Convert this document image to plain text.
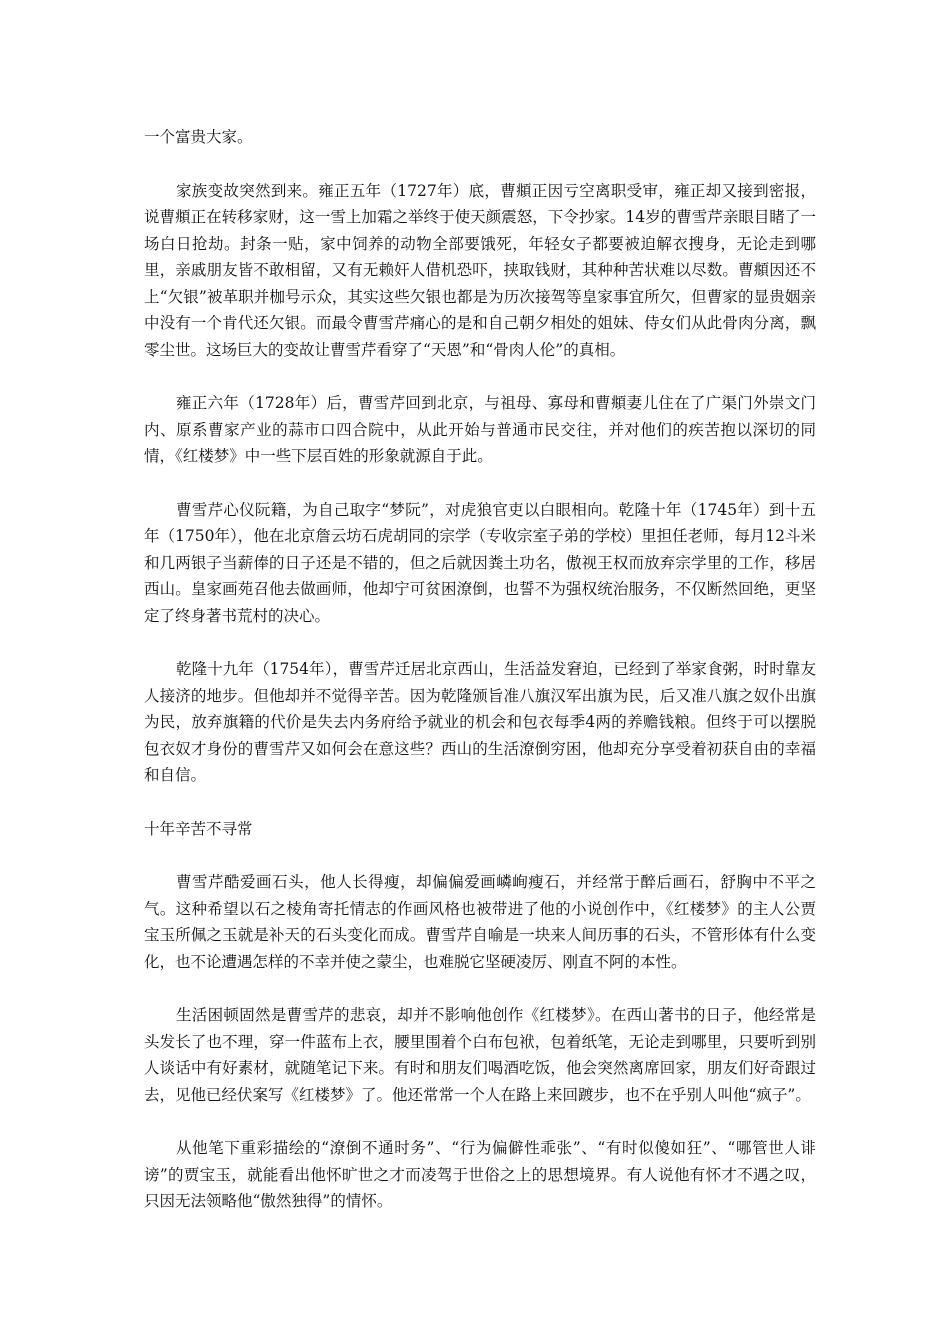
一个富贵大家。

家族变故突然到来。雍正五年（1727年）底，曹頫正因亏空离职受审，雍正却又接到密报，说曹頫正在转移家财，这一雪上加霜之举终于使天颜震怒，下令抄家。14岁的曹雪芹亲眼目睹了一场白日抢劫。封条一贴，家中饲养的动物全部要饿死，年轻女子都要被迫解衣搜身，无论走到哪里，亲戚朋友皆不敢相留，又有无赖奸人借机恐吓，挟取钱财，其种种苦状难以尽数。曹頫因还不上“欠银”被革职并枷号示众，其实这些欠银也都是为历次接驾等皇家事宜所欠，但曹家的显贵姻亲中没有一个肯代还欠银。而最令曹雪芹痛心的是和自己朝夕相处的姐妹、侍女们从此骨肉分离，飘零尘世。这场巨大的变故让曹雪芹看穿了“天恩”和“骨肉人伦”的真相。

雍正六年（1728年）后，曹雪芹回到北京，与祖母、寡母和曹頫妻儿住在了广渠门外崇文门内、原系曹家产业的蒜市口四合院中，从此开始与普通市民交往，并对他们的疾苦抱以深切的同情，《红楼梦》中一些下层百姓的形象就源自于此。

曹雪芹心仪阮籍，为自己取字“梦阮”，对虎狼官吏以白眼相向。乾隆十年（1745年）到十五年（1750年），他在北京詹云坊石虎胡同的宗学（专收宗室子弟的学校）里担任老师，每月12斗米和几两银子当薪俸的日子还是不错的，但之后就因粪土功名，傲视王权而放弃宗学里的工作，移居西山。皇家画苑召他去做画师，他却宁可贫困潦倒，也誓不为强权统治服务，不仅断然回绝，更坚定了终身著书荒村的决心。

乾隆十九年（1754年），曹雪芹迁居北京西山，生活益发窘迫，已经到了举家食粥，时时靠友人接济的地步。但他却并不觉得辛苦。因为乾隆颁旨准八旗汉军出旗为民，后又准八旗之奴仆出旗为民，放弃旗籍的代价是失去内务府给予就业的机会和包衣每季4两的养赡钱粮。但终于可以摆脱包衣奴才身份的曹雪芹又如何会在意这些？西山的生活潦倒穷困，他却充分享受着初获自由的幸福和自信。

十年辛苦不寻常

曹雪芹酷爱画石头，他人长得瘦，却偏偏爱画嶙峋瘦石，并经常于醉后画石，舒胸中不平之气。这种希望以石之棱角寄托情志的作画风格也被带进了他的小说创作中，《红楼梦》的主人公贾宝玉所佩之玉就是补天的石头变化而成。曹雪芹自喻是一块来人间历事的石头，不管形体有什么变化，也不论遭遇怎样的不幸并使之蒙尘，也难脱它坚硬凌厉、刚直不阿的本性。

生活困顿固然是曹雪芹的悲哀，却并不影响他创作《红楼梦》。在西山著书的日子，他经常是头发长了也不理，穿一件蓝布上衣，腰里围着个白布包袱，包着纸笔，无论走到哪里，只要听到别人谈话中有好素材，就随笔记下来。有时和朋友们喝酒吃饭，他会突然离席回家，朋友们好奇跟过去，见他已经伏案写《红楼梦》了。他还常常一个人在路上来回踱步，也不在乎别人叫他“疯子”。

从他笔下重彩描绘的“潦倒不通时务”、“行为偏僻性乖张”、“有时似傻如狂”、“哪管世人诽谤”的贾宝玉，就能看出他怀旷世之才而凌驾于世俗之上的思想境界。有人说他有怀才不遇之叹，只因无法领略他“傲然独得”的情怀。
